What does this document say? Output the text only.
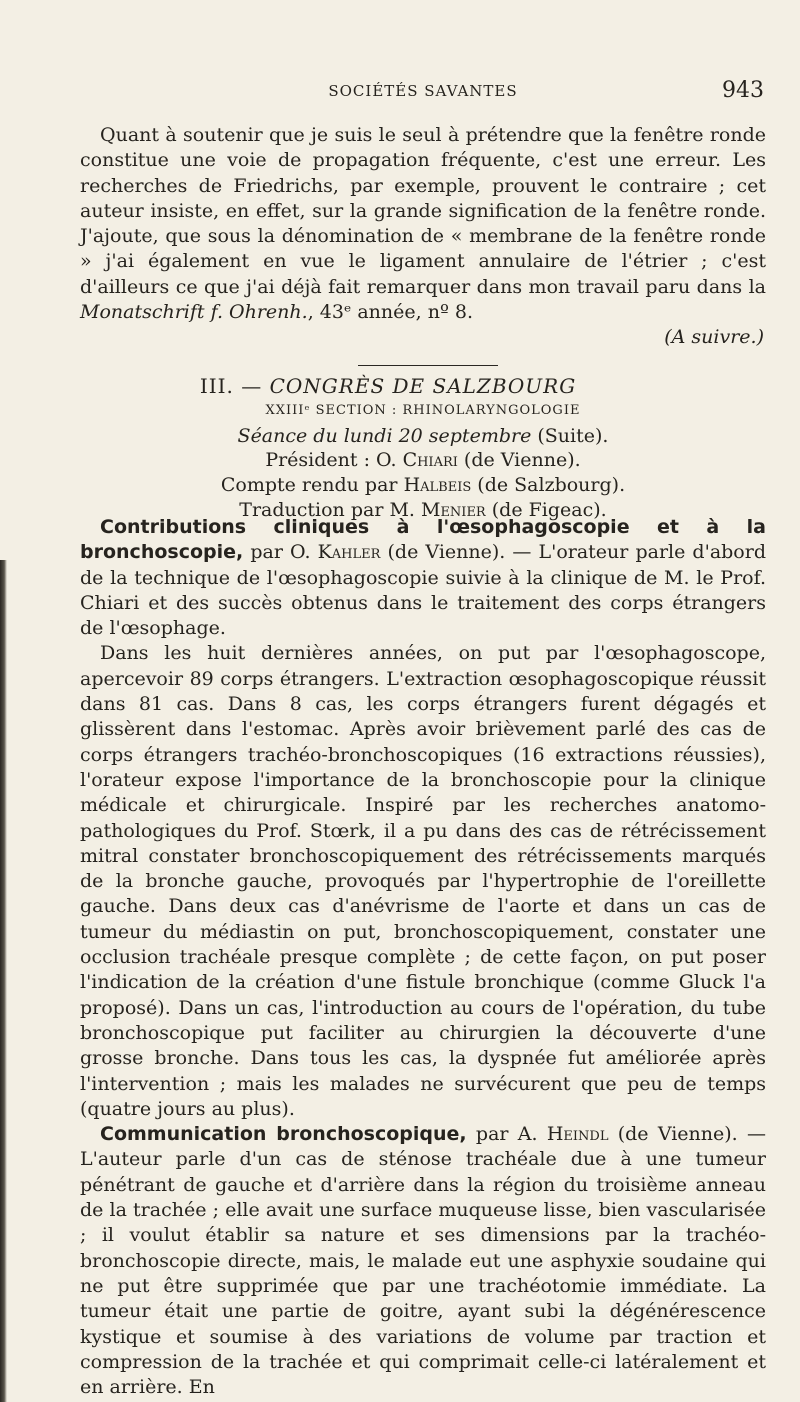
SOCIÉTÉS SAVANTES	943

Quant à soutenir que je suis le seul à prétendre que la fenêtre ronde constitue une voie de propagation fréquente, c'est une erreur. Les recherches de Friedrichs, par exemple, prouvent le contraire ; cet auteur insiste, en effet, sur la grande signification de la fenêtre ronde. J'ajoute, que sous la dénomination de « membrane de la fenêtre ronde » j'ai également en vue le ligament annulaire de l'étrier ; c'est d'ailleurs ce que j'ai déjà fait remarquer dans mon travail paru dans la Monatschrift f. Ohrenh., 43ᵉ année, nº 8.

(A suivre.)

III. — CONGRÈS DE SALZBOURG
XXIIIᵉ SECTION : RHINOLARYNGOLOGIE
Séance du lundi 20 septembre (Suite).
Président : O. Chiari (de Vienne).
Compte rendu par Halbeis (de Salzbourg).
Traduction par M. Menier (de Figeac).

Contributions cliniques à l'œsophagoscopie et à la bronchoscopie, par O. Kahler (de Vienne). — L'orateur parle d'abord de la technique de l'œsophagoscopie suivie à la clinique de M. le Prof. Chiari et des succès obtenus dans le traitement des corps étrangers de l'œsophage.

Dans les huit dernières années, on put par l'œsophagoscope, apercevoir 89 corps étrangers. L'extraction œsophagoscopique réussit dans 81 cas. Dans 8 cas, les corps étrangers furent dégagés et glissèrent dans l'estomac. Après avoir brièvement parlé des cas de corps étrangers trachéo-bronchoscopiques (16 extractions réussies), l'orateur expose l'importance de la bronchoscopie pour la clinique médicale et chirurgicale. Inspiré par les recherches anatomo-pathologiques du Prof. Stœrk, il a pu dans des cas de rétrécissement mitral constater bronchoscopiquement des rétrécissements marqués de la bronche gauche, provoqués par l'hypertrophie de l'oreillette gauche. Dans deux cas d'anévrisme de l'aorte et dans un cas de tumeur du médiastin on put, bronchoscopiquement, constater une occlusion trachéale presque complète ; de cette façon, on put poser l'indication de la création d'une fistule bronchique (comme Gluck l'a proposé). Dans un cas, l'introduction au cours de l'opération, du tube bronchoscopique put faciliter au chirurgien la découverte d'une grosse bronche. Dans tous les cas, la dyspnée fut améliorée après l'intervention ; mais les malades ne survécurent que peu de temps (quatre jours au plus).

Communication bronchoscopique, par A. Heindl (de Vienne). — L'auteur parle d'un cas de sténose trachéale due à une tumeur pénétrant de gauche et d'arrière dans la région du troisième anneau de la trachée ; elle avait une surface muqueuse lisse, bien vascularisée ; il voulut établir sa nature et ses dimensions par la trachéo-bronchoscopie directe, mais, le malade eut une asphyxie soudaine qui ne put être supprimée que par une trachéotomie immédiate. La tumeur était une partie de goitre, ayant subi la dégénérescence kystique et soumise à des variations de volume par traction et compression de la trachée et qui comprimait celle-ci latéralement et en arrière. En
